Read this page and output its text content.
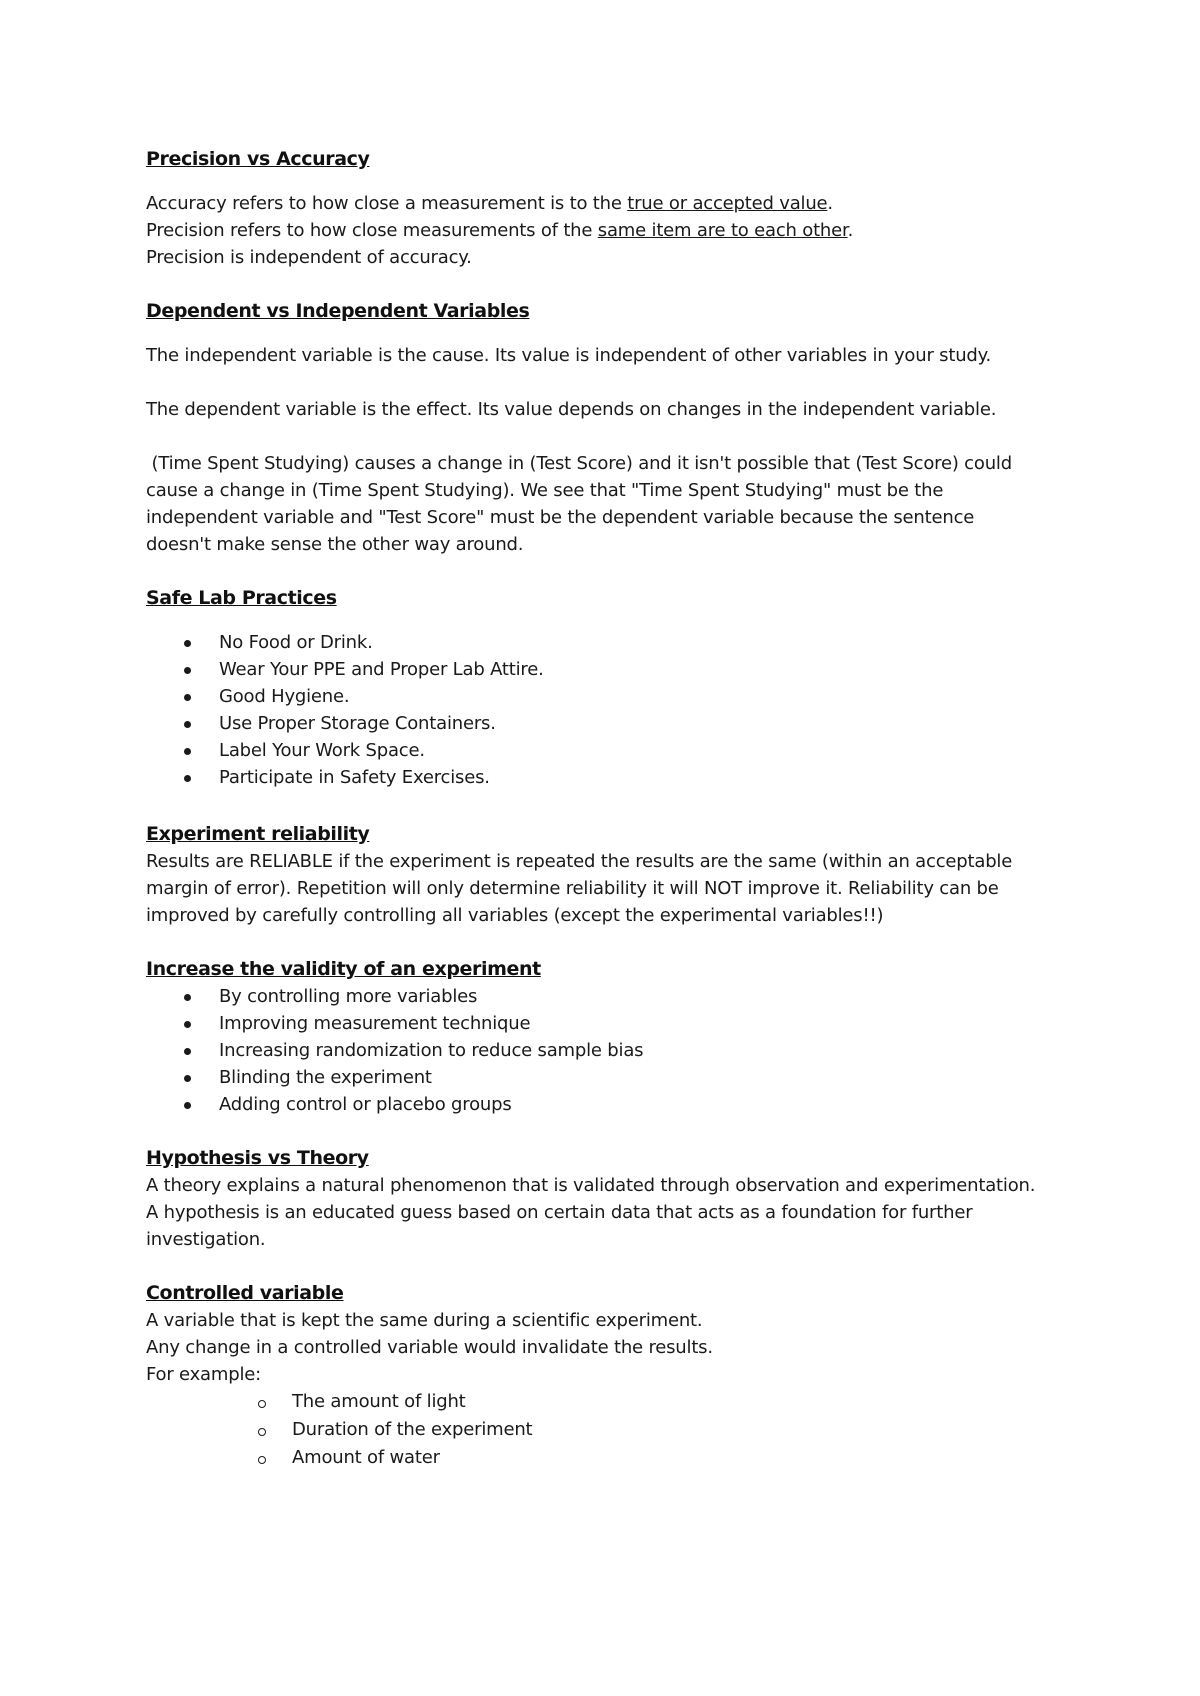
Precision vs Accuracy

Accuracy refers to how close a measurement is to the true or accepted value.

Precision refers to how close measurements of the same item are to each other.

Precision is independent of accuracy.

Dependent vs Independent Variables

The independent variable is the cause. Its value is independent of other variables in your study.

The dependent variable is the effect. Its value depends on changes in the independent variable.

(Time Spent Studying) causes a change in (Test Score) and it isn't possible that (Test Score) could

cause a change in (Time Spent Studying). We see that "Time Spent Studying" must be the

independent variable and "Test Score" must be the dependent variable because the sentence

doesn't make sense the other way around.

Safe Lab Practices

No Food or Drink.
Wear Your PPE and Proper Lab Attire.
Good Hygiene.
Use Proper Storage Containers.
Label Your Work Space.
Participate in Safety Exercises.

Experiment reliability

Results are RELIABLE if the experiment is repeated the results are the same (within an acceptable

margin of error). Repetition will only determine reliability it will NOT improve it. Reliability can be

improved by carefully controlling all variables (except the experimental variables!!)

Increase the validity of an experiment

By controlling more variables
Improving measurement technique
Increasing randomization to reduce sample bias
Blinding the experiment
Adding control or placebo groups

Hypothesis vs Theory

A theory explains a natural phenomenon that is validated through observation and experimentation.

A hypothesis is an educated guess based on certain data that acts as a foundation for further

investigation.

Controlled variable

A variable that is kept the same during a scientific experiment.

Any change in a controlled variable would invalidate the results.

For example:

The amount of light
Duration of the experiment
Amount of water
